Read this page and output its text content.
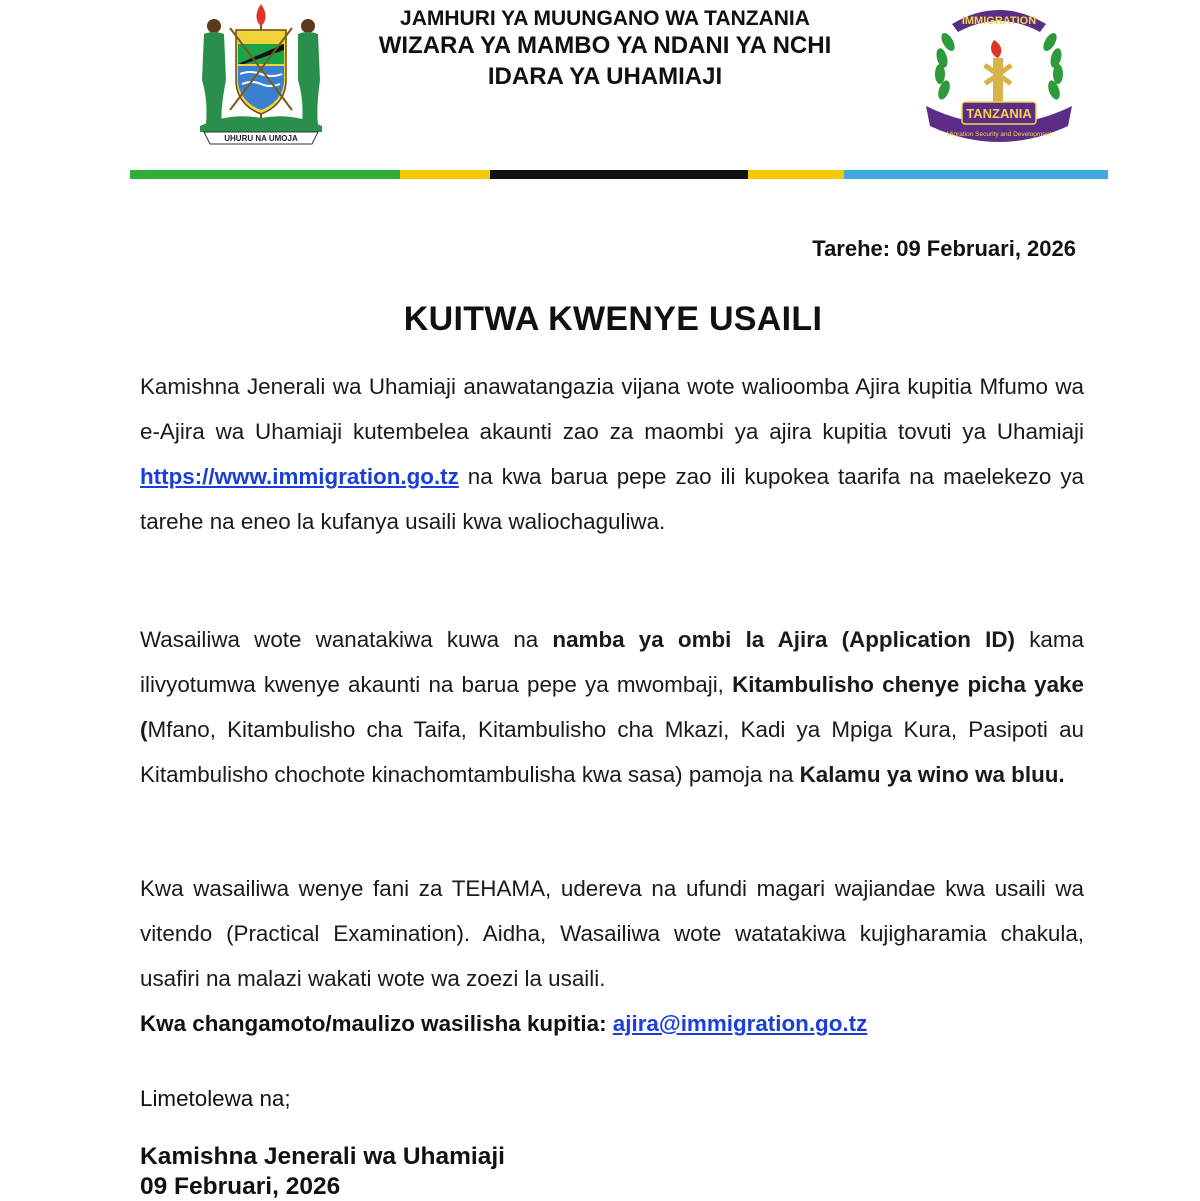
UHURU NA UMOJA
JAMHURI YA MUUNGANO WA TANZANIA
WIZARA YA MAMBO YA NDANI YA NCHI
IDARA YA UHAMIAJI
IMMIGRATION
TANZANIA
Migration Security and Development
Tarehe: 09 Februari, 2026
KUITWA KWENYE USAILI

Kamishna Jenerali wa Uhamiaji anawatangazia vijana wote walioomba Ajira kupitia Mfumo wa e-Ajira wa Uhamiaji kutembelea akaunti zao za maombi ya ajira kupitia tovuti ya Uhamiaji https://www.immigration.go.tz na kwa barua pepe zao ili kupokea taarifa na maelekezo ya tarehe na eneo la kufanya usaili kwa waliochaguliwa.

Wasailiwa wote wanatakiwa kuwa na namba ya ombi la Ajira (Application ID) kama ilivyotumwa kwenye akaunti na barua pepe ya mwombaji, Kitambulisho chenye picha yake (Mfano, Kitambulisho cha Taifa, Kitambulisho cha Mkazi, Kadi ya Mpiga Kura, Pasipoti au Kitambulisho chochote kinachomtambulisha kwa sasa) pamoja na Kalamu ya wino wa bluu.

Kwa wasailiwa wenye fani za TEHAMA, udereva na ufundi magari wajiandae kwa usaili wa vitendo (Practical Examination). Aidha, Wasailiwa wote watatakiwa kujigharamia chakula, usafiri na malazi wakati wote wa zoezi la usaili.

Kwa changamoto/maulizo wasilisha kupitia: ajira@immigration.go.tz
Limetolewa na;
Kamishna Jenerali wa Uhamiaji
09 Februari, 2026
